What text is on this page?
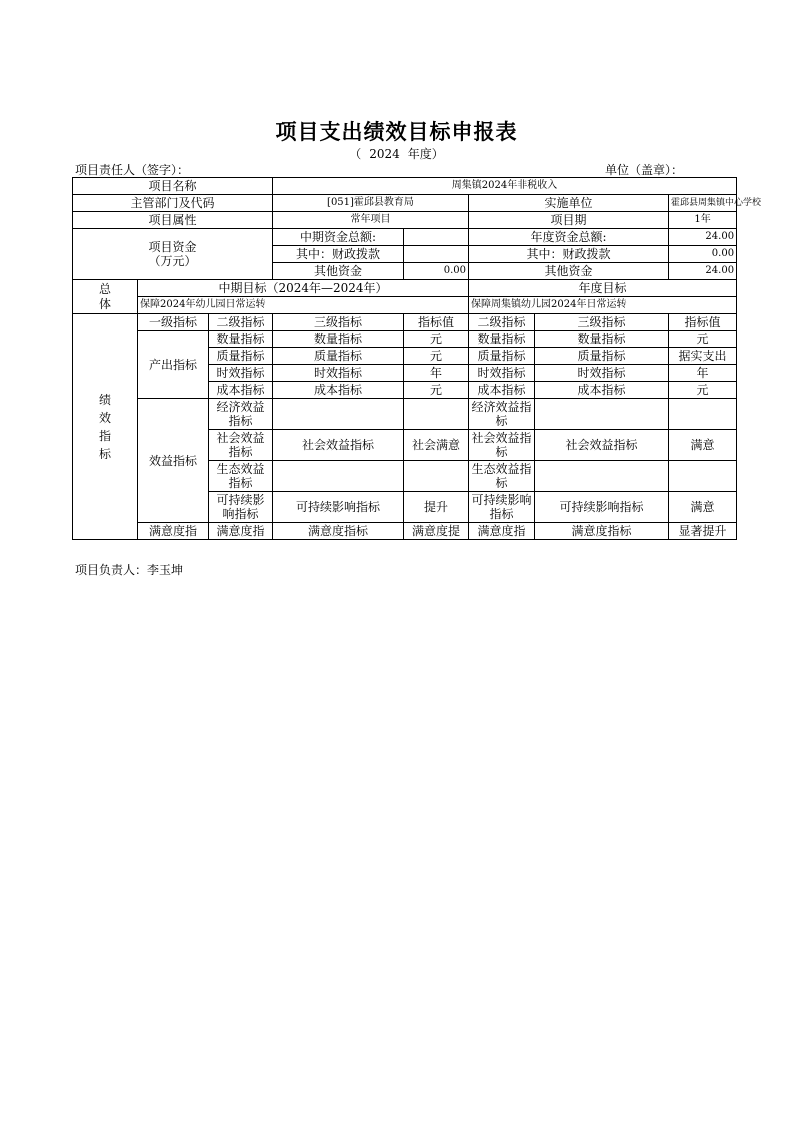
项目支出绩效目标申报表
（ 2024 年度）
项目责任人（签字）：	单位（盖章）：
项目名称			周集镇2024年非税收入				
主管部门及代码			[051]霍邱县教育局		实施单位		霍邱县周集镇中心学校
项目属性			常年项目		项目期		1年

项目资金
（万元）			中期资金总额:		年度资金总额:		24.00
			其中：财政拨款		其中：财政拨款		0.00
			其他资金	0.00	其他资金		24.00

总
体	中期目标（2024年—2024年）				年度目标		
	保障2024年幼儿园日常运转				保障周集镇幼儿园2024年日常运转		

绩
效
指
标	一级指标	二级指标	三级指标	指标值	二级指标	三级指标	指标值
	产出指标	数量指标	数量指标	元	数量指标	数量指标	元
		质量指标	质量指标	元	质量指标	质量指标	据实支出
		时效指标	时效指标	年	时效指标	时效指标	年
		成本指标	成本指标	元	成本指标	成本指标	元
	效益指标	经济效益指标			经济效益指标		
		社会效益指标	社会效益指标	社会满意	社会效益指标	社会效益指标	满意
		生态效益指标			生态效益指标		
		可持续影响指标	可持续影响指标	提升	可持续影响指标	可持续影响指标	满意
	满意度指	满意度指	满意度指标	满意度提	满意度指	满意度指标	显著提升
项目负责人：李玉坤
